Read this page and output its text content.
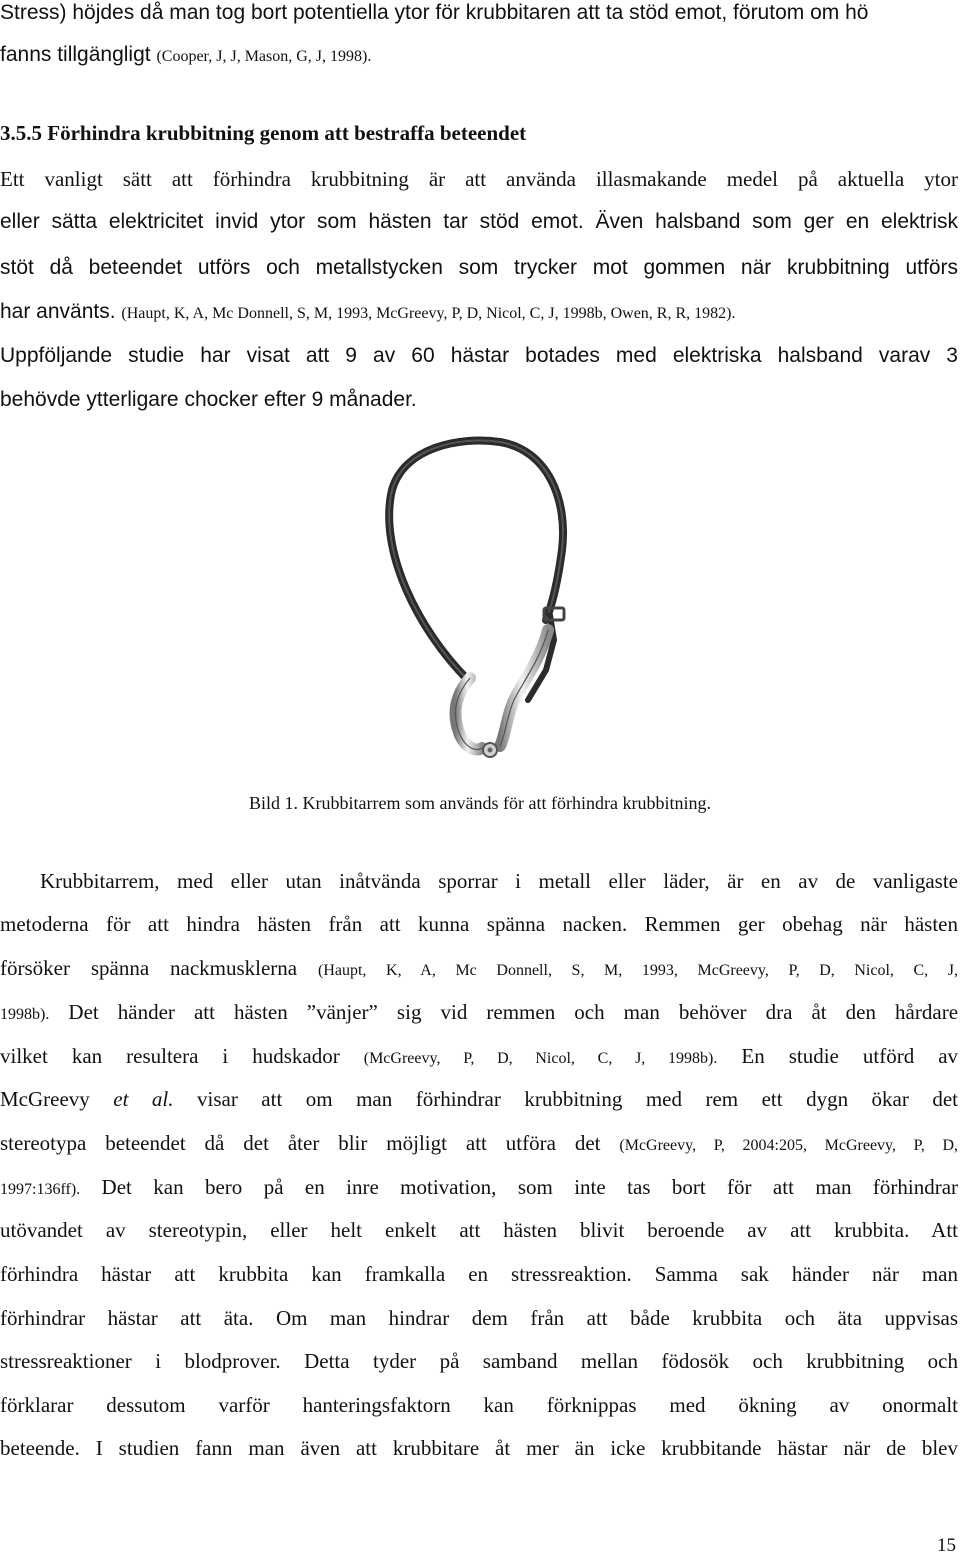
Stress) höjdes då man tog bort potentiella ytor för krubbitaren att ta stöd emot, förutom om hö
fanns tillgängligt (Cooper, J, J, Mason, G, J, 1998).
3.5.5 Förhindra krubbitning genom att bestraffa beteendet
Ett vanligt sätt att förhindra krubbitning är att använda illasmakande medel på aktuella ytor
eller sätta elektricitet invid ytor som hästen tar stöd emot. Även halsband som ger en elektrisk
stöt då beteendet utförs och metallstycken som trycker mot gommen när krubbitning utförs
har använts. (Haupt, K, A, Mc Donnell, S, M, 1993, McGreevy, P, D, Nicol, C, J, 1998b, Owen, R, R, 1982).
Uppföljande studie har visat att 9 av 60 hästar botades med elektriska halsband varav 3
behövde ytterligare chocker efter 9 månader.
Bild 1. Krubbitarrem som används för att förhindra krubbitning.
Krubbitarrem, med eller utan inåtvända sporrar i metall eller läder, är en av de vanligaste
metoderna för att hindra hästen från att kunna spänna nacken. Remmen ger obehag när hästen
försöker spänna nackmusklerna (Haupt, K, A, Mc Donnell, S, M, 1993, McGreevy, P, D, Nicol, C, J,
1998b). Det händer att hästen ”vänjer” sig vid remmen och man behöver dra åt den hårdare
vilket kan resultera i hudskador (McGreevy, P, D, Nicol, C, J, 1998b). En studie utförd av
McGreevy et al. visar att om man förhindrar krubbitning med rem ett dygn ökar det
stereotypa beteendet då det åter blir möjligt att utföra det (McGreevy, P, 2004:205, McGreevy, P, D,
1997:136ff). Det kan bero på en inre motivation, som inte tas bort för att man förhindrar
utövandet av stereotypin, eller helt enkelt att hästen blivit beroende av att krubbita. Att
förhindra hästar att krubbita kan framkalla en stressreaktion. Samma sak händer när man
förhindrar hästar att äta. Om man hindrar dem från att både krubbita och äta uppvisas
stressreaktioner i blodprover. Detta tyder på samband mellan födosök och krubbitning och
förklarar dessutom varför hanteringsfaktorn kan förknippas med ökning av onormalt
beteende. I studien fann man även att krubbitare åt mer än icke krubbitande hästar när de blev
15
